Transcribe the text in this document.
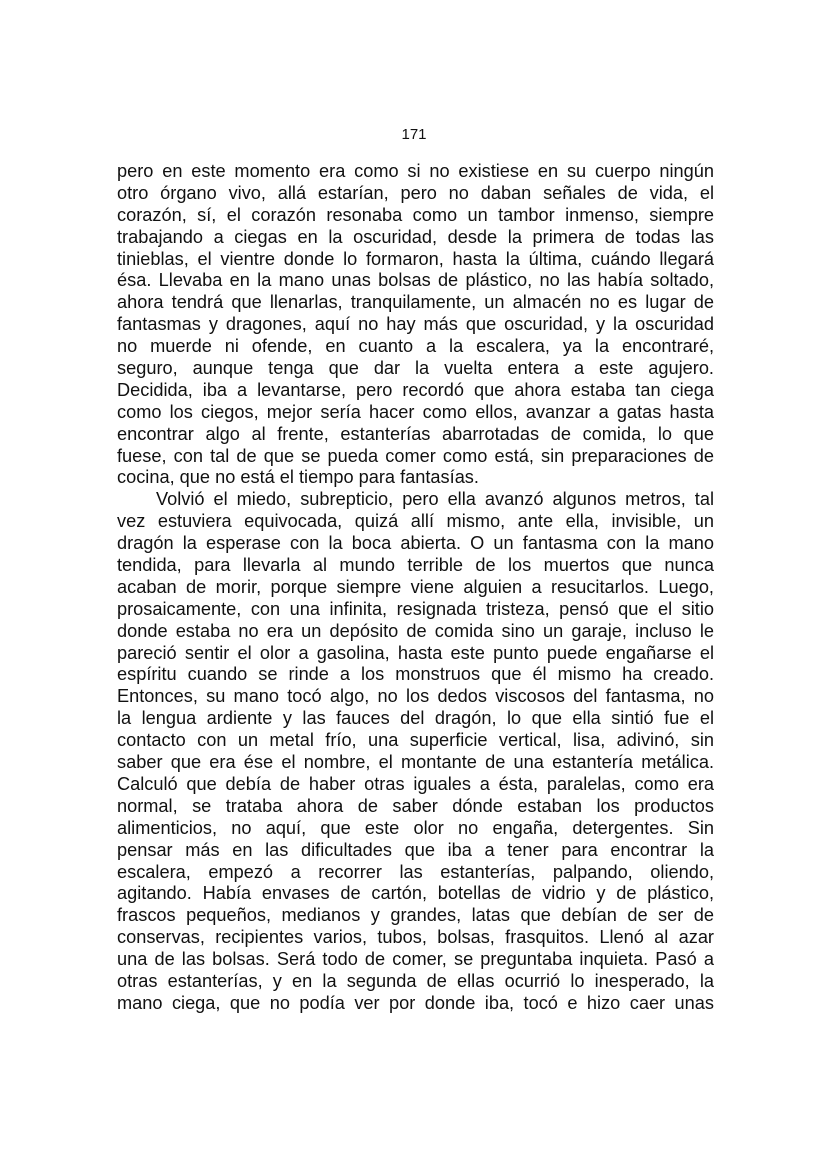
171
pero en este momento era como si no existiese en su cuerpo ningún
otro órgano vivo, allá estarían, pero no daban señales de vida, el
corazón, sí, el corazón resonaba como un tambor inmenso, siempre
trabajando a ciegas en la oscuridad, desde la primera de todas las
tinieblas, el vientre donde lo formaron, hasta la última, cuándo llegará
ésa. Llevaba en la mano unas bolsas de plástico, no las había soltado,
ahora tendrá que llenarlas, tranquilamente, un almacén no es lugar de
fantasmas y dragones, aquí no hay más que oscuridad, y la oscuridad
no muerde ni ofende, en cuanto a la escalera, ya la encontraré,
seguro, aunque tenga que dar la vuelta entera a este agujero.
Decidida, iba a levantarse, pero recordó que ahora estaba tan ciega
como los ciegos, mejor sería hacer como ellos, avanzar a gatas hasta
encontrar algo al frente, estanterías abarrotadas de comida, lo que
fuese, con tal de que se pueda comer como está, sin preparaciones de
cocina, que no está el tiempo para fantasías.
Volvió el miedo, subrepticio, pero ella avanzó algunos metros, tal
vez estuviera equivocada, quizá allí mismo, ante ella, invisible, un
dragón la esperase con la boca abierta. O un fantasma con la mano
tendida, para llevarla al mundo terrible de los muertos que nunca
acaban de morir, porque siempre viene alguien a resucitarlos. Luego,
prosaicamente, con una infinita, resignada tristeza, pensó que el sitio
donde estaba no era un depósito de comida sino un garaje, incluso le
pareció sentir el olor a gasolina, hasta este punto puede engañarse el
espíritu cuando se rinde a los monstruos que él mismo ha creado.
Entonces, su mano tocó algo, no los dedos viscosos del fantasma, no
la lengua ardiente y las fauces del dragón, lo que ella sintió fue el
contacto con un metal frío, una superficie vertical, lisa, adivinó, sin
saber que era ése el nombre, el montante de una estantería metálica.
Calculó que debía de haber otras iguales a ésta, paralelas, como era
normal, se trataba ahora de saber dónde estaban los productos
alimenticios, no aquí, que este olor no engaña, detergentes. Sin
pensar más en las dificultades que iba a tener para encontrar la
escalera, empezó a recorrer las estanterías, palpando, oliendo,
agitando. Había envases de cartón, botellas de vidrio y de plástico,
frascos pequeños, medianos y grandes, latas que debían de ser de
conservas, recipientes varios, tubos, bolsas, frasquitos. Llenó al azar
una de las bolsas. Será todo de comer, se preguntaba inquieta. Pasó a
otras estanterías, y en la segunda de ellas ocurrió lo inesperado, la
mano ciega, que no podía ver por donde iba, tocó e hizo caer unas
